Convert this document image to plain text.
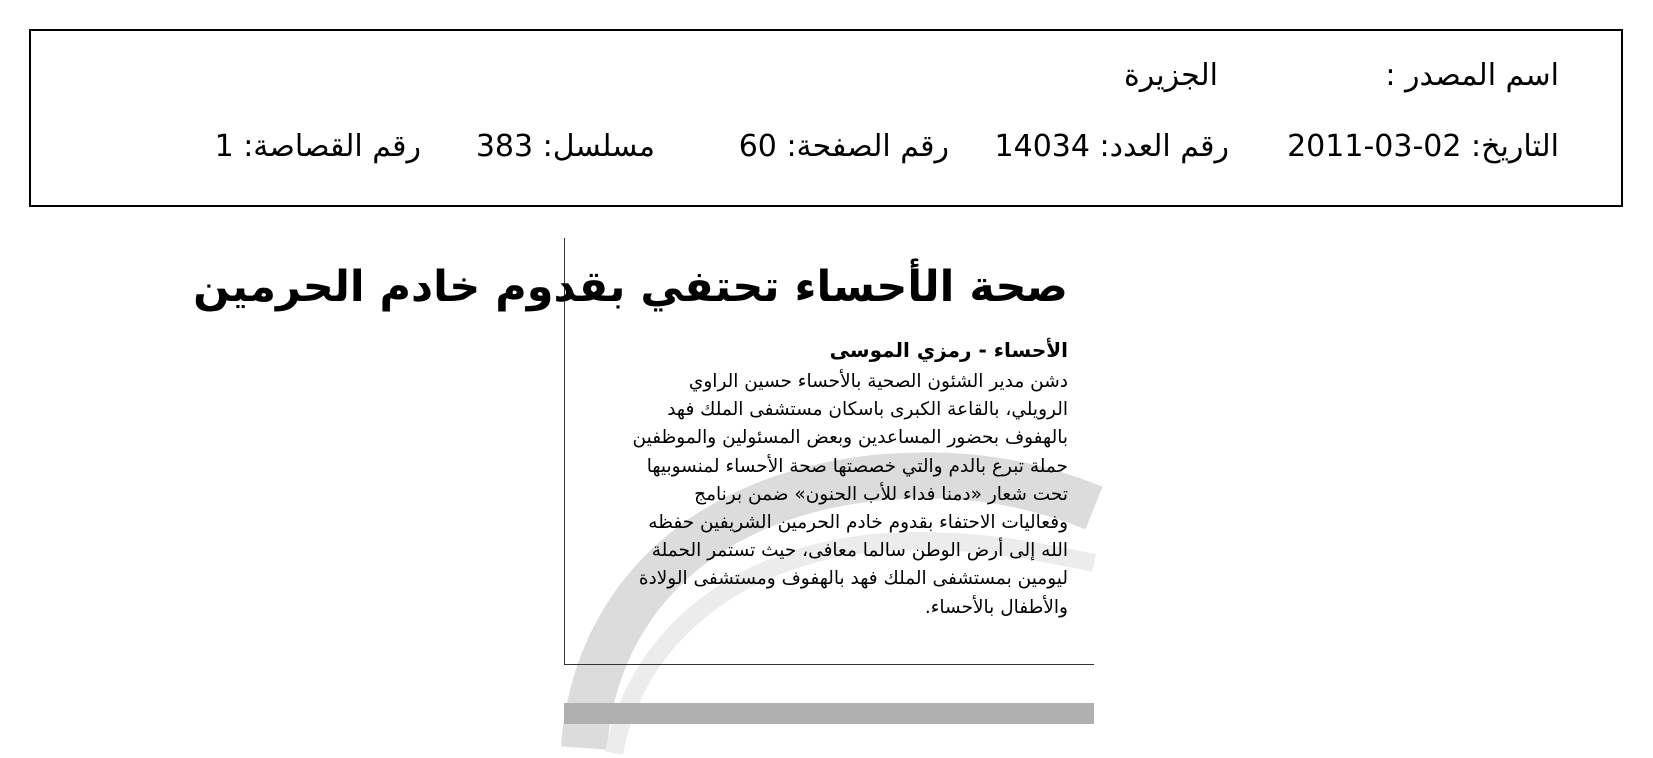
اسم المصدر :
الجزيرة
التاريخ: 02-03-2011
رقم العدد: 14034
رقم الصفحة: 60
مسلسل: 383
رقم القصاصة: 1
صحة الأحساء تحتفي بقدوم خادم الحرمين
الأحساء - رمزي الموسى
دشن مدير الشئون الصحية بالأحساء حسين الراوي
الرويلي، بالقاعة الكبرى باسكان مستشفى الملك فهد
بالهفوف بحضور المساعدين وبعض المسئولين والموظفين
حملة تبرع بالدم والتي خصصتها صحة الأحساء لمنسوبيها
تحت شعار «دمنا فداء للأب الحنون» ضمن برنامج
وفعاليات الاحتفاء بقدوم خادم الحرمين الشريفين حفظه
الله إلى أرض الوطن سالما معافى، حيث تستمر الحملة
ليومين بمستشفى الملك فهد بالهفوف ومستشفى الولادة
والأطفال بالأحساء.
